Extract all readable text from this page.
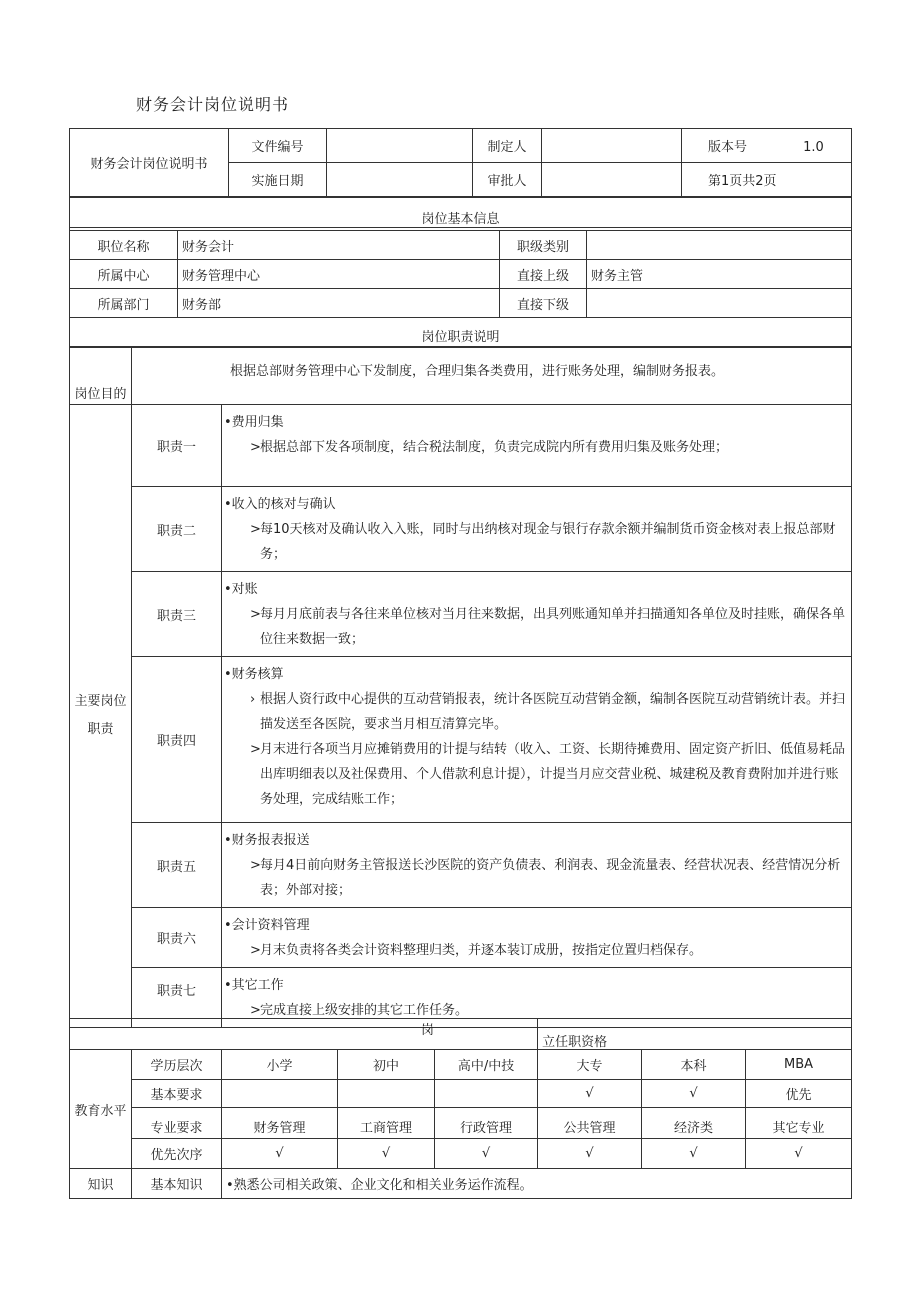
财务会计岗位说明书
财务会计岗位说明书	文件编号		制定人		版本号 1.0
	实施日期		审批人		第1页共2页

岗位基本信息			
职位名称	财务会计	职级类别	
所属中心	财务管理中心	直接上级	财务主管
所属部门	财务部	直接下级	
岗位职责说明			
岗位目的	根据总部财务管理中心下发制度，合理归集各类费用，进行账务处理，编制财务报表。	
主要岗位
职责	职责一	•费用归集
>根据总部下发各项制度，结合税法制度，负责完成院内所有费用归集及账务处理；

	职责二	•收入的核对与确认
>每10天核对及确认收入入账，同时与出纳核对现金与银行存款余额并编制货币资金核对表上报总部财务；

	职责三	•对账
>每月月底前表与各往来单位核对当月往来数据，出具列账通知单并扫描通知各单位及时挂账，确保各单位往来数据一致；

	职责四	•财务核算
› 根据人资行政中心提供的互动营销报表，统计各医院互动营销金额，编制各医院互动营销统计表。并扫描发送至各医院，要求当月相互清算完毕。
>月末进行各项当月应摊销费用的计提与结转（收入、工资、长期待摊费用、固定资产折旧、低值易耗品出库明细表以及社保费用、个人借款利息计提），计提当月应交营业税、城建税及教育费附加并进行账务处理，完成结账工作；

	职责五	•财务报表报送
>每月4日前向财务主管报送长沙医院的资产负债表、利润表、现金流量表、经营状况表、经营情况分析表；外部对接；

	职责六	•会计资料管理
>月末负责将各类会计资料整理归类，并逐本装订成册，按指定位置归档保存。

	职责七	•其它工作
>完成直接上级安排的其它工作任务。
岗					立任职资格		
教育水平	学历层次	小学	初中	高中/中技	大专	本科	MBA
	基本要求				√	√	优先
	专业要求	财务管理	工商管理	行政管理	公共管理	经济类	其它专业
	优先次序	√	√	√	√	√	√
知识	基本知识	•熟悉公司相关政策、企业文化和相关业务运作流程。					
